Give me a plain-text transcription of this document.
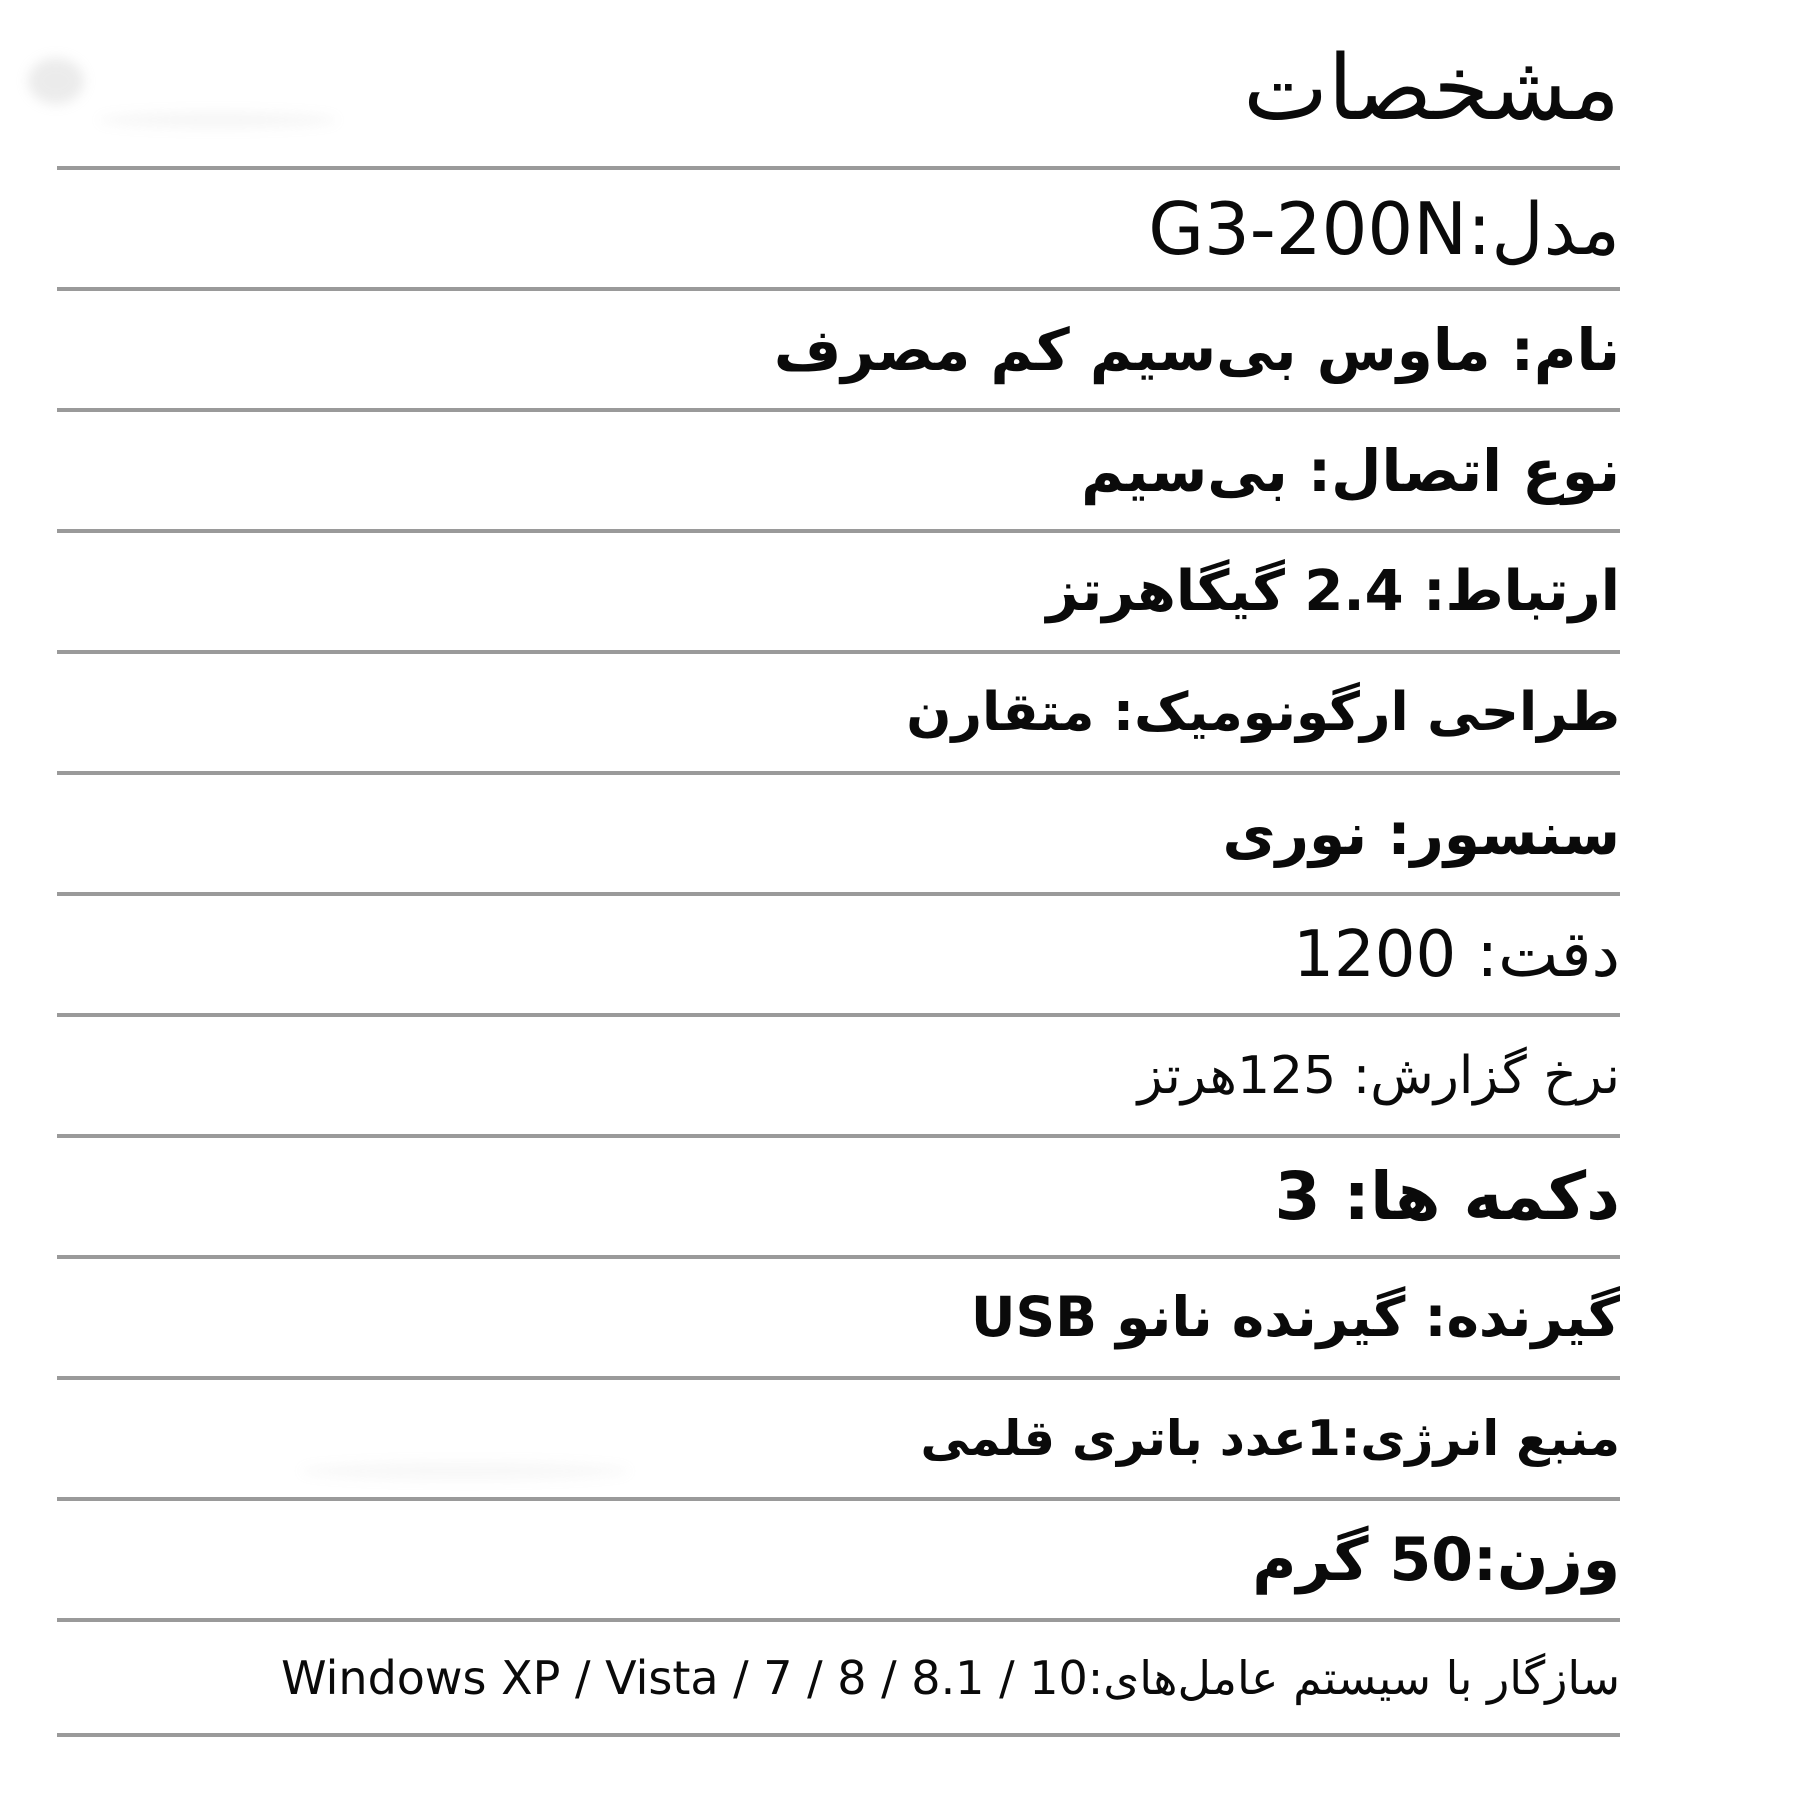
مشخصات
مدل:G3-200N
نام: ماوس بی‌سیم کم مصرف
نوع اتصال: بی‌سیم
ارتباط: 2.4 گیگاهرتز
طراحی ارگونومیک: متقارن
سنسور: نوری
دقت: 1200
نرخ گزارش: 125هرتز
دکمه ها: 3
گیرنده: گیرنده نانو USB
منبع انرژی:1عدد باتری قلمی
وزن:50 گرم
سازگار با سیستم عامل‌های:Windows XP / Vista / 7 / 8 / 8.1 / 10
